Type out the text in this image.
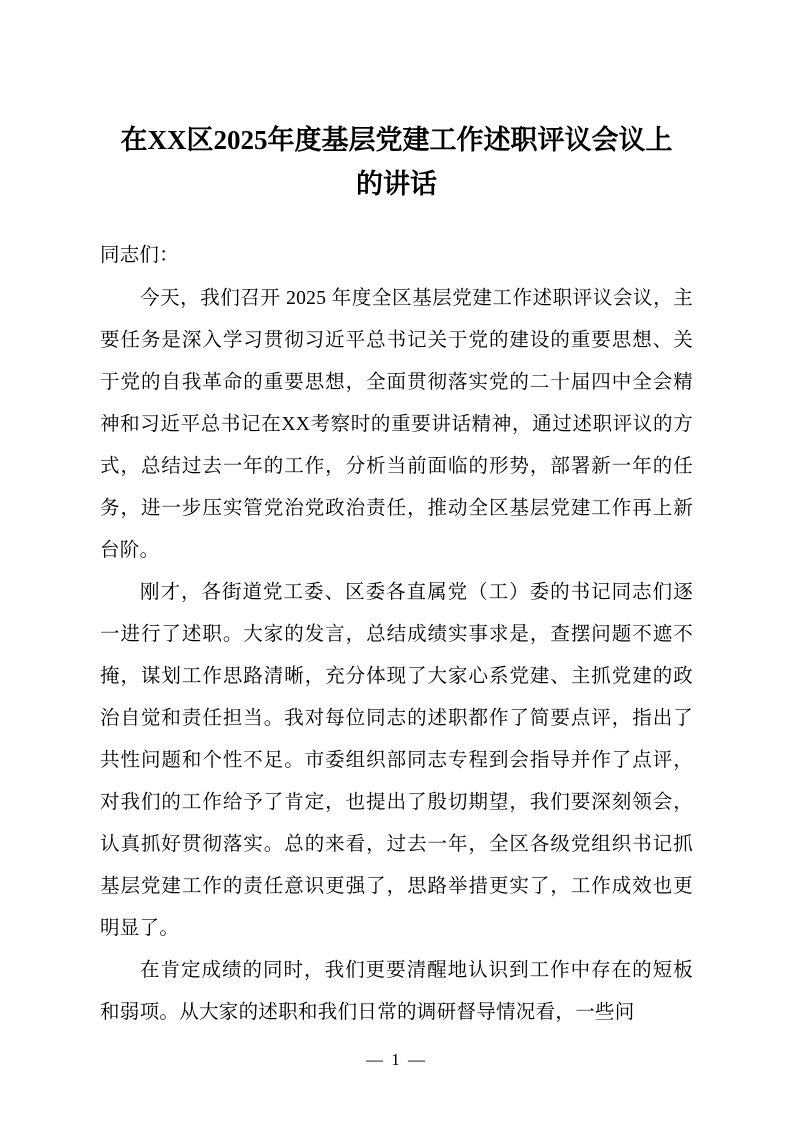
在XX区2025年度基层党建工作述职评议会议上的讲话

同志们：

今天，我们召开 2025 年度全区基层党建工作述职评议会议，主要任务是深入学习贯彻习近平总书记关于党的建设的重要思想、关于党的自我革命的重要思想，全面贯彻落实党的二十届四中全会精神和习近平总书记在XX考察时的重要讲话精神，通过述职评议的方式，总结过去一年的工作，分析当前面临的形势，部署新一年的任务，进一步压实管党治党政治责任，推动全区基层党建工作再上新台阶。

刚才，各街道党工委、区委各直属党（工）委的书记同志们逐一进行了述职。大家的发言，总结成绩实事求是，查摆问题不遮不掩，谋划工作思路清晰，充分体现了大家心系党建、主抓党建的政治自觉和责任担当。我对每位同志的述职都作了简要点评，指出了共性问题和个性不足。市委组织部同志专程到会指导并作了点评，对我们的工作给予了肯定，也提出了殷切期望，我们要深刻领会，认真抓好贯彻落实。总的来看，过去一年，全区各级党组织书记抓基层党建工作的责任意识更强了，思路举措更实了，工作成效也更明显了。

在肯定成绩的同时，我们更要清醒地认识到工作中存在的短板和弱项。从大家的述职和我们日常的调研督导情况看，一些问

— 1 —
